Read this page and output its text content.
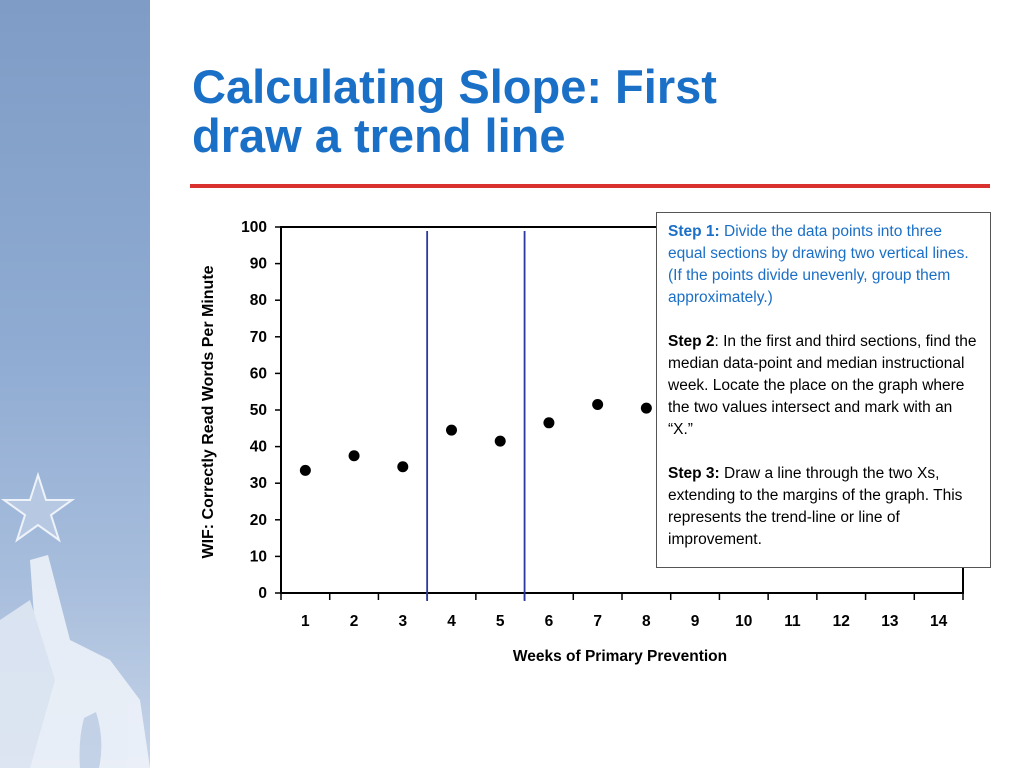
Calculating Slope: First
draw a trend line
0
10
20
30
40
50
60
70
80
90
100
1	2	3	4	5	6	7	8	9 10 11 12 13 14
Weeks of Primary Prevention
WIF: Correctly Read Words Per Minute
Step 1: Divide the data points into three equal sections by drawing two vertical lines. (If the points divide unevenly, group them approximately.)
Step 2: In the first and third sections, find the median data-point and median instructional week. Locate the place on the graph where the two values intersect and mark with an “X.”
Step 3: Draw a line through the two Xs, extending to the margins of the graph. This represents the trend-line or line of improvement.
